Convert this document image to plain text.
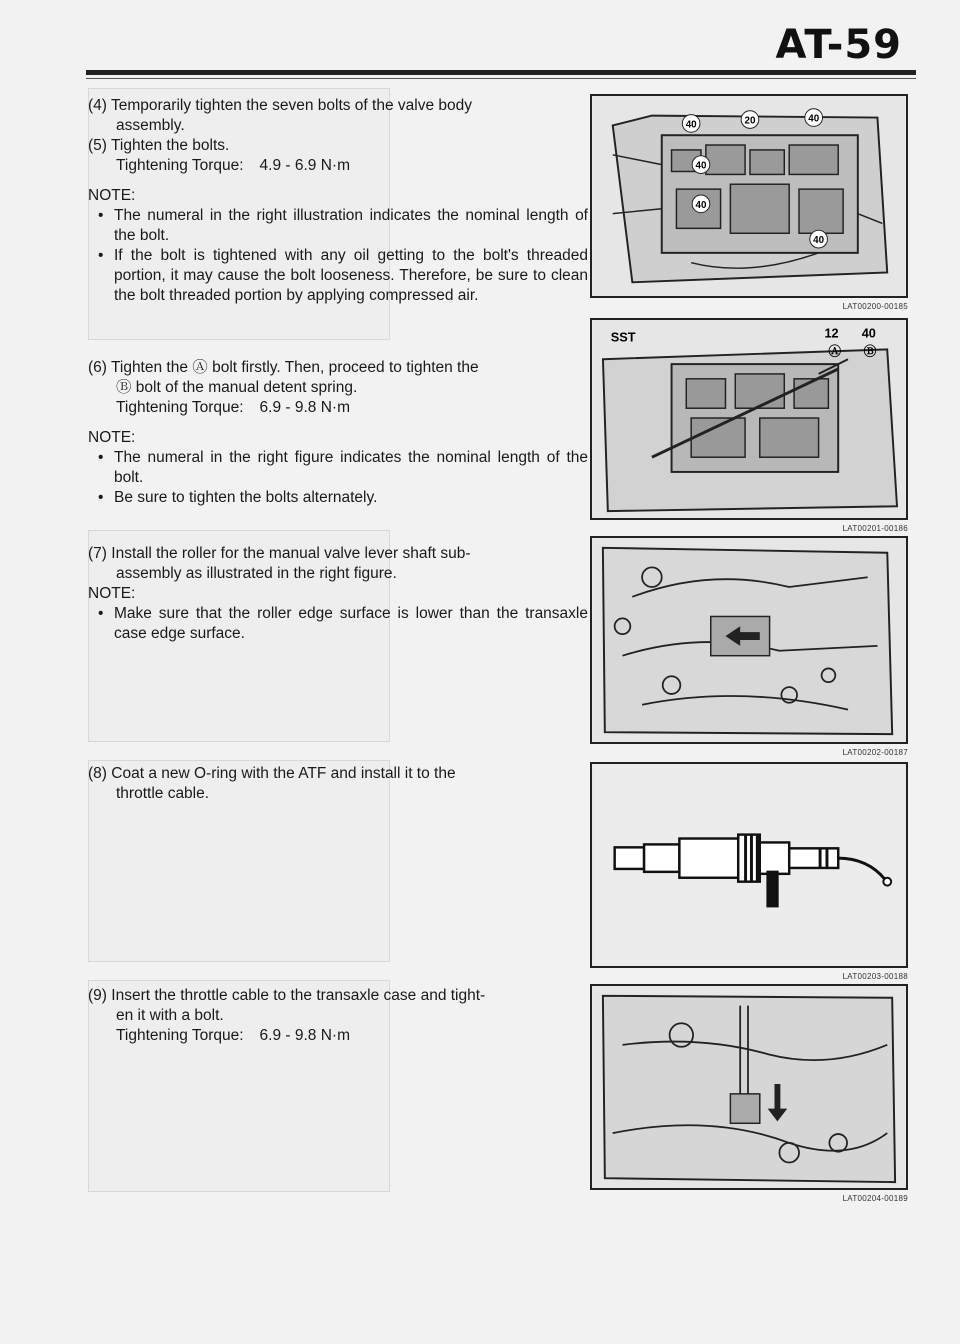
AT-59

(4) Temporarily tighten the seven bolts of the valve body

assembly.

(5) Tighten the bolts.

Tightening Torque: 4.9 - 6.9 N·m

NOTE:

• The numeral in the right illustration indicates the nominal length of the bolt.
• If the bolt is tightened with any oil getting to the bolt's threaded portion, it may cause the bolt looseness. Therefore, be sure to clean the bolt threaded portion by applying compressed air.

(6) Tighten the Ⓐ bolt firstly. Then, proceed to tighten the

Ⓑ bolt of the manual detent spring.

Tightening Torque: 6.9 - 9.8 N·m

NOTE:

• The numeral in the right figure indicates the nominal length of the bolt.
• Be sure to tighten the bolts alternately.

(7) Install the roller for the manual valve lever shaft sub-

assembly as illustrated in the right figure.

NOTE:

• Make sure that the roller edge surface is lower than the transaxle case edge surface.

(8) Coat a new O-ring with the ATF and install it to the

throttle cable.

(9) Insert the throttle cable to the transaxle case and tight-

en it with a bolt.

Tightening Torque: 6.9 - 9.8 N·m

40	20	40
40
40
40
LAT00200-00185
SST	12 40
Ⓐ Ⓑ
LAT00201-00186
LAT00202-00187
LAT00203-00188
LAT00204-00189
